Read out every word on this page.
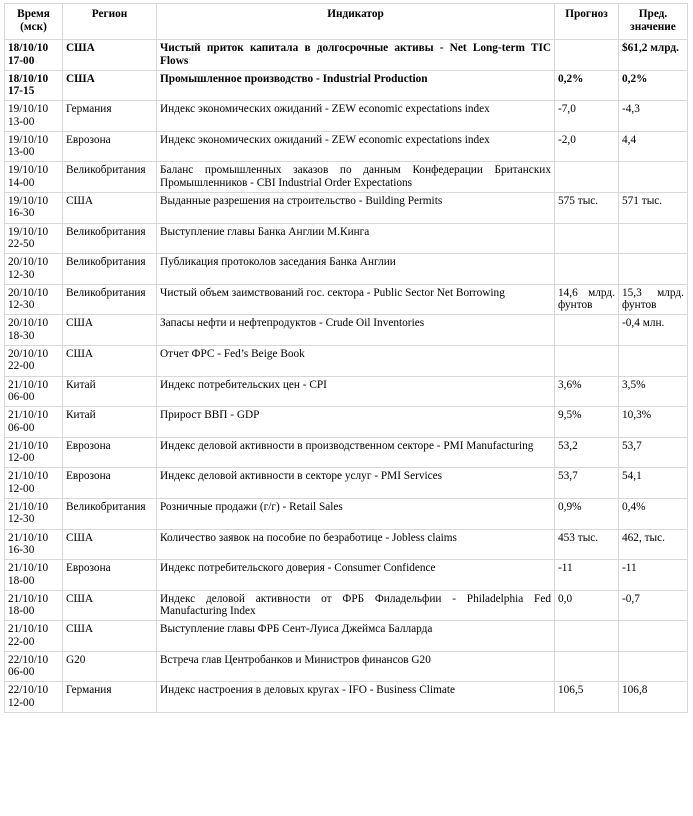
Время (мск)	Регион	Индикатор	Прогноз	Пред. значение
18/10/10 17-00	США	Чистый приток капитала в долгосрочные активы - Net Long-term TIC Flows		$61,2 млрд.
18/10/10 17-15	США	Промышленное производство - Industrial Production	0,2%	0,2%
19/10/10 13-00	Германия	Индекс экономических ожиданий - ZEW economic expectations index	-7,0	-4,3
19/10/10 13-00	Еврозона	Индекс экономических ожиданий - ZEW economic expectations index	-2,0	4,4
19/10/10 14-00	Великобритания	Баланс промышленных заказов по данным Конфедерации Британских Промышленников - CBI Industrial Order Expectations		
19/10/10 16-30	США	Выданные разрешения на строительство - Building Permits	575 тыс.	571 тыс.
19/10/10 22-50	Великобритания	Выступление главы Банка Англии М.Кинга		
20/10/10 12-30	Великобритания	Публикация протоколов заседания Банка Англии		
20/10/10 12-30	Великобритания	Чистый объем заимствований гос. сектора - Public Sector Net Borrowing	14,6 млрд. фунтов	15,3 млрд. фунтов
20/10/10 18-30	США	Запасы нефти и нефтепродуктов - Crude Oil Inventories		-0,4 млн.
20/10/10 22-00	США	Отчет ФРС - Fed’s Beige Book		
21/10/10 06-00	Китай	Индекс потребительских цен - CPI	3,6%	3,5%
21/10/10 06-00	Китай	Прирост ВВП - GDP	9,5%	10,3%
21/10/10 12-00	Еврозона	Индекс деловой активности в производственном секторе - PMI Manufacturing	53,2	53,7
21/10/10 12-00	Еврозона	Индекс деловой активности в секторе услуг - PMI Services	53,7	54,1
21/10/10 12-30	Великобритания	Розничные продажи (г/г) - Retail Sales	0,9%	0,4%
21/10/10 16-30	США	Количество заявок на пособие по безработице - Jobless claims	453 тыс.	462, тыс.
21/10/10 18-00	Еврозона	Индекс потребительского доверия - Consumer Confidence	-11	-11
21/10/10 18-00	США	Индекс деловой активности от ФРБ Филадельфии - Philadelphia Fed Manufacturing Index	0,0	-0,7
21/10/10 22-00	США	Выступление главы ФРБ Сент-Луиса Джеймса Балларда		
22/10/10 06-00	G20	Встреча глав Центробанков и Министров финансов G20		
22/10/10 12-00	Германия	Индекс настроения в деловых кругах - IFO - Business Climate	106,5	106,8
